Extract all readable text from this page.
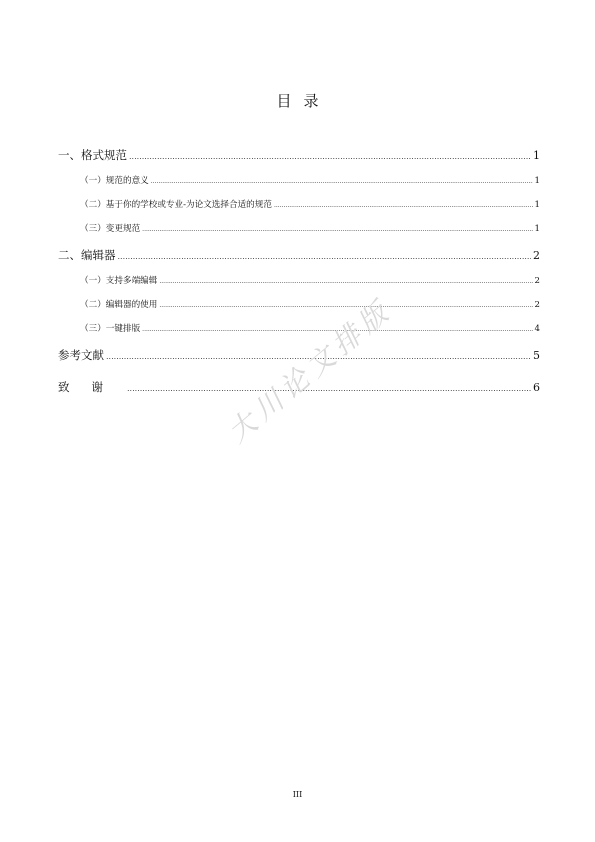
目录
一、格式规范 .....	1
（一）规范的意义 .....	1
（二）基于你的学校或专业-为论文选择合适的规范 .....	1
（三）变更规范 .....	1
二、编辑器 .....	2
（一）支持多端编辑 .....	2
（二）编辑器的使用 .....	2
（三）一键排版 .....	4
参考文献 .....	5
致谢 .....	6
大川论文排版
III
